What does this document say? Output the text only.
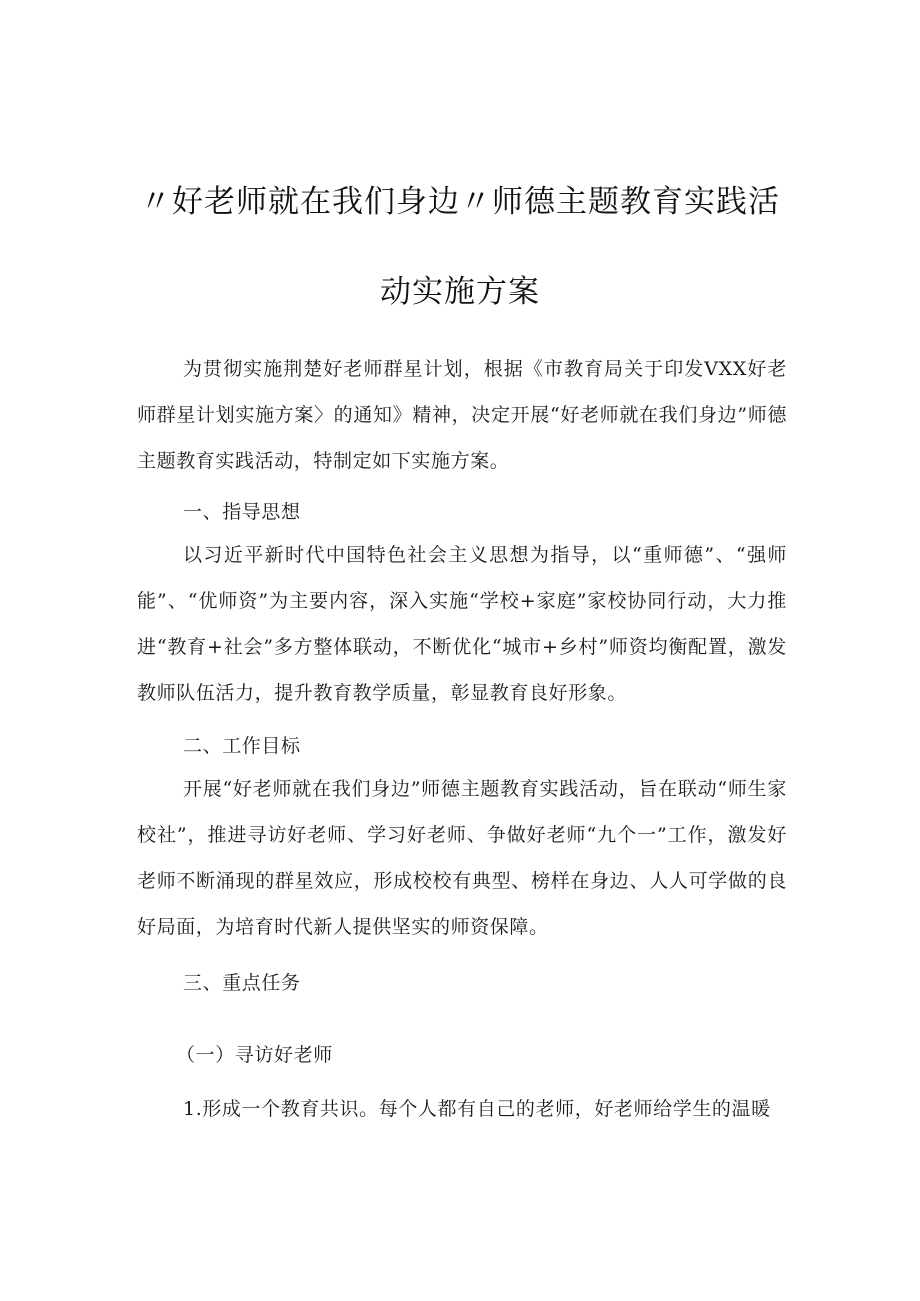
〃好老师就在我们身边〃师德主题教育实践活
动实施方案
为贯彻实施荆楚好老师群星计划，根据《市教育局关于印发VXX好老师群星计划实施方案〉的通知》精神，决定开展“好老师就在我们身边”师德主题教育实践活动，特制定如下实施方案。
一、指导思想
以习近平新时代中国特色社会主义思想为指导，以“重师德”、“强师能”、“优师资”为主要内容，深入实施“学校+家庭”家校协同行动，大力推进“教育+社会”多方整体联动，不断优化“城市+乡村”师资均衡配置，激发教师队伍活力，提升教育教学质量，彰显教育良好形象。
二、工作目标
开展“好老师就在我们身边”师德主题教育实践活动，旨在联动“师生家校社”，推进寻访好老师、学习好老师、争做好老师“九个一”工作，激发好老师不断涌现的群星效应，形成校校有典型、榜样在身边、人人可学做的良好局面，为培育时代新人提供坚实的师资保障。
三、重点任务
（一）寻访好老师
1.形成一个教育共识。每个人都有自己的老师，好老师给学生的温暖
